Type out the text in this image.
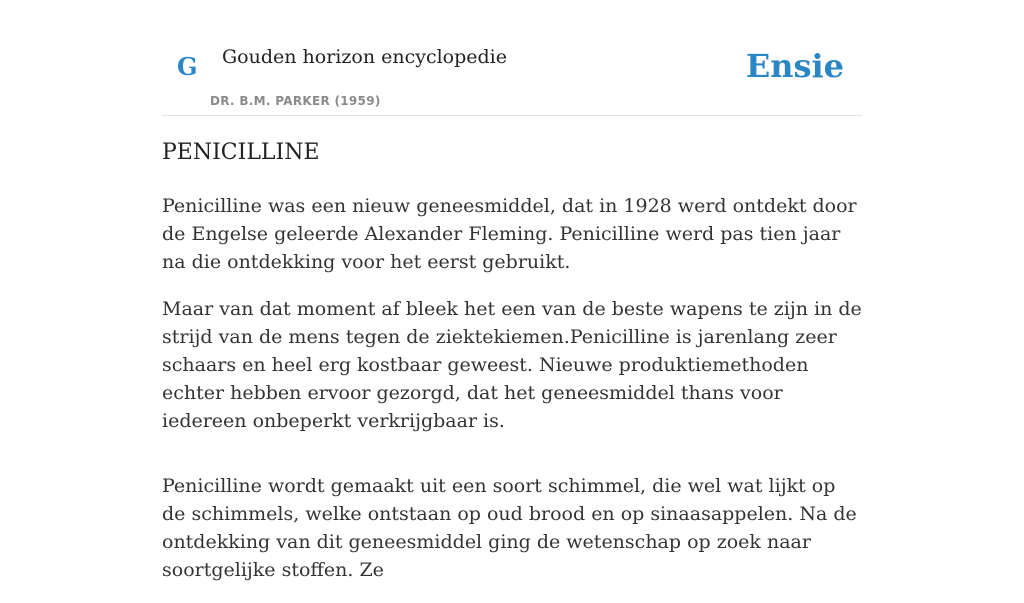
G Gouden horizon encyclopedie
DR. B.M. PARKER (1959)
Ensie
PENICILLINE

Penicilline was een nieuw geneesmiddel, dat in 1928 werd ontdekt door de Engelse geleerde Alexander Fleming. Penicilline werd pas tien jaar na die ontdekking voor het eerst gebruikt.

Maar van dat moment af bleek het een van de beste wapens te zijn in de strijd van de mens tegen de ziektekiemen.Penicilline is jarenlang zeer schaars en heel erg kostbaar geweest. Nieuwe produktiemethoden echter hebben ervoor gezorgd, dat het geneesmiddel thans voor iedereen onbeperkt verkrijgbaar is.

Penicilline wordt gemaakt uit een soort schimmel, die wel wat lijkt op de schimmels, welke ontstaan op oud brood en op sinaasappelen. Na de ontdekking van dit geneesmiddel ging de wetenschap op zoek naar soortgelijke stoffen. Ze
